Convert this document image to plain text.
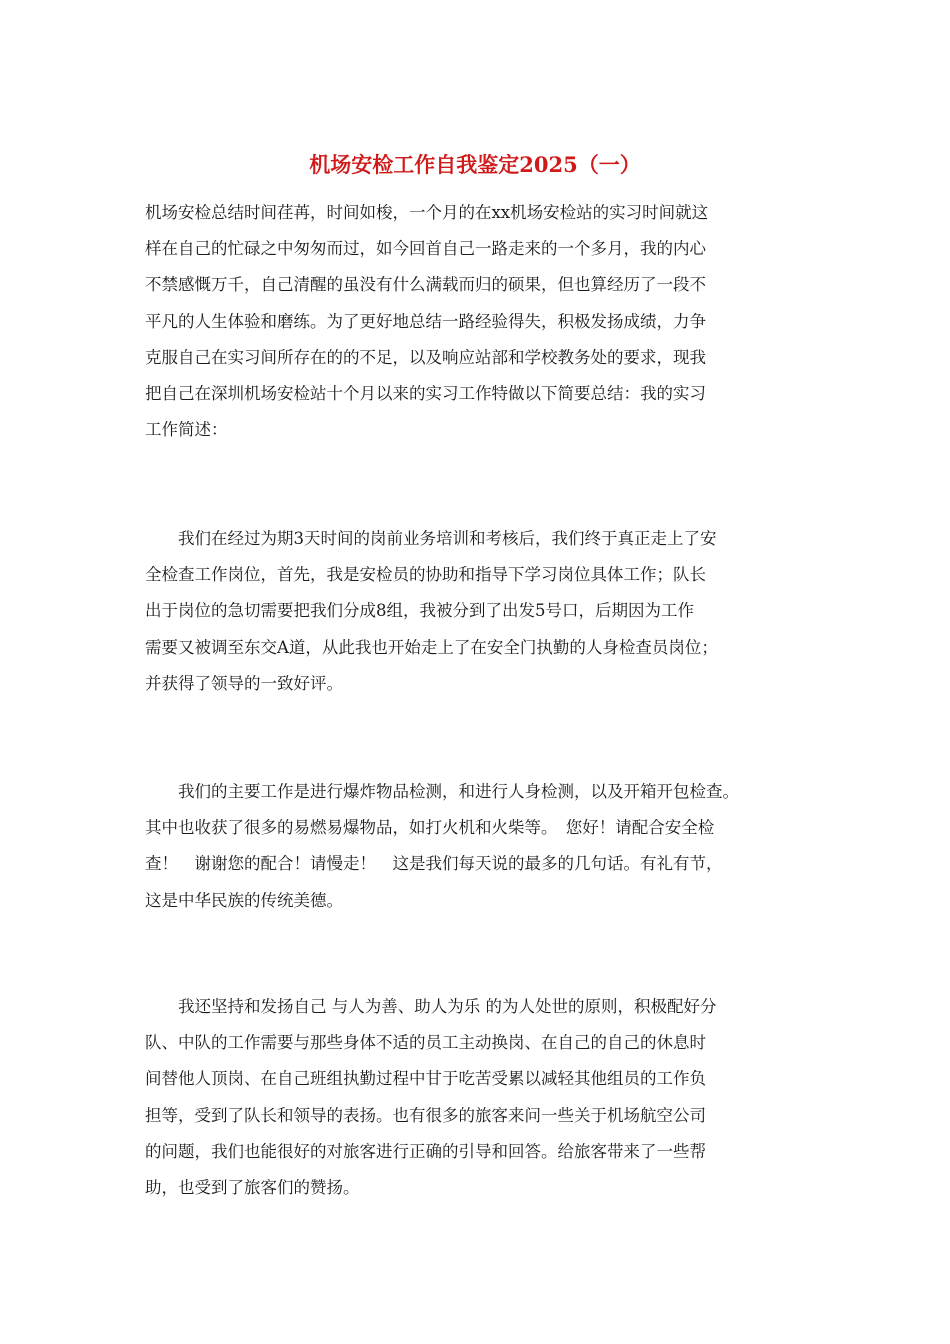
机场安检工作自我鉴定2025（一）

机场安检总结时间荏苒，时间如梭，一个月的在xx机场安检站的实习时间就这
样在自己的忙碌之中匆匆而过，如今回首自己一路走来的一个多月，我的内心
不禁感慨万千，自己清醒的虽没有什么满载而归的硕果，但也算经历了一段不
平凡的人生体验和磨练。为了更好地总结一路经验得失，积极发扬成绩，力争
克服自己在实习间所存在的的不足，以及响应站部和学校教务处的要求，现我
把自己在深圳机场安检站十个月以来的实习工作特做以下简要总结：我的实习
工作简述：

　　我们在经过为期3天时间的岗前业务培训和考核后，我们终于真正走上了安
全检查工作岗位，首先，我是安检员的协助和指导下学习岗位具体工作；队长
出于岗位的急切需要把我们分成8组，我被分到了出发5号口，后期因为工作
需要又被调至东交A道，从此我也开始走上了在安全门执勤的人身检查员岗位；
并获得了领导的一致好评。

　　我们的主要工作是进行爆炸物品检测，和进行人身检测，以及开箱开包检查。
其中也收获了很多的易燃易爆物品，如打火机和火柴等。　您好！请配合安全检
查！　谢谢您的配合！请慢走！　这是我们每天说的最多的几句话。有礼有节，
这是中华民族的传统美德。

　　我还坚持和发扬自己 与人为善、助人为乐 的为人处世的原则，积极配好分
队、中队的工作需要与那些身体不适的员工主动换岗、在自己的自己的休息时
间替他人顶岗、在自己班组执勤过程中甘于吃苦受累以减轻其他组员的工作负
担等，受到了队长和领导的表扬。也有很多的旅客来问一些关于机场航空公司
的问题，我们也能很好的对旅客进行正确的引导和回答。给旅客带来了一些帮
助，也受到了旅客们的赞扬。
